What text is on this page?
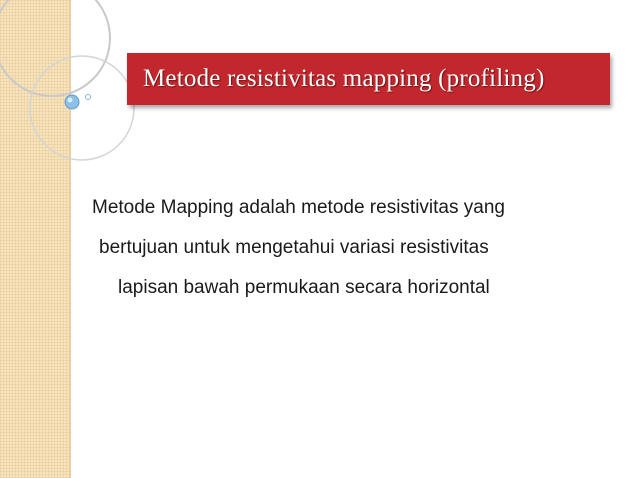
Metode resistivitas mapping (profiling)
Metode Mapping adalah metode resistivitas yang
bertujuan untuk mengetahui variasi resistivitas
lapisan bawah permukaan secara horizontal
